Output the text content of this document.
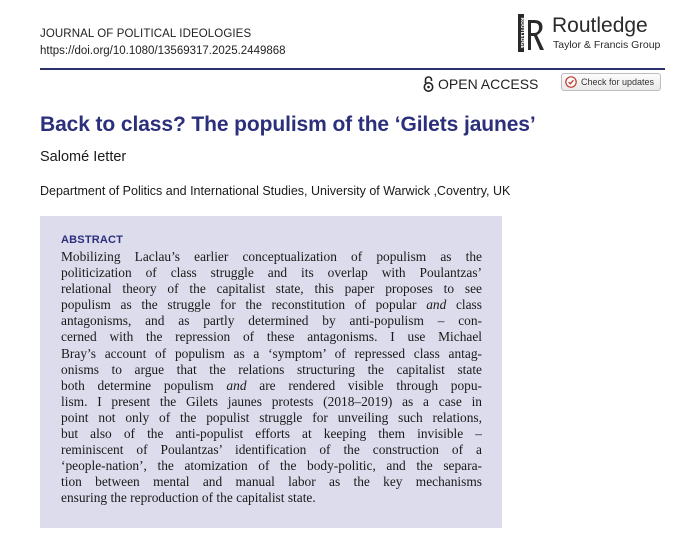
JOURNAL OF POLITICAL IDEOLOGIES
https://doi.org/10.1080/13569317.2025.2449868
ROUTLEDGE Routledge
Taylor & Francis Group
OPEN ACCESS	Check for updates
Back to class? The populism of the ‘Gilets jaunes’
Salomé Ietter
Department of Politics and International Studies, University of Warwick ,Coventry, UK
ABSTRACT
Mobilizing Laclau’s earlier conceptualization of populism as the
politicization of class struggle and its overlap with Poulantzas’
relational theory of the capitalist state, this paper proposes to see
populism as the struggle for the reconstitution of popular and class
antagonisms, and as partly determined by anti-populism – con-
cerned with the repression of these antagonisms. I use Michael
Bray’s account of populism as a ‘symptom’ of repressed class antag-
onisms to argue that the relations structuring the capitalist state
both determine populism and are rendered visible through popu-
lism. I present the Gilets jaunes protests (2018–2019) as a case in
point not only of the populist struggle for unveiling such relations,
but also of the anti-populist efforts at keeping them invisible –
reminiscent of Poulantzas’ identification of the construction of a
‘people-nation’, the atomization of the body-politic, and the separa-
tion between mental and manual labor as the key mechanisms
ensuring the reproduction of the capitalist state.
